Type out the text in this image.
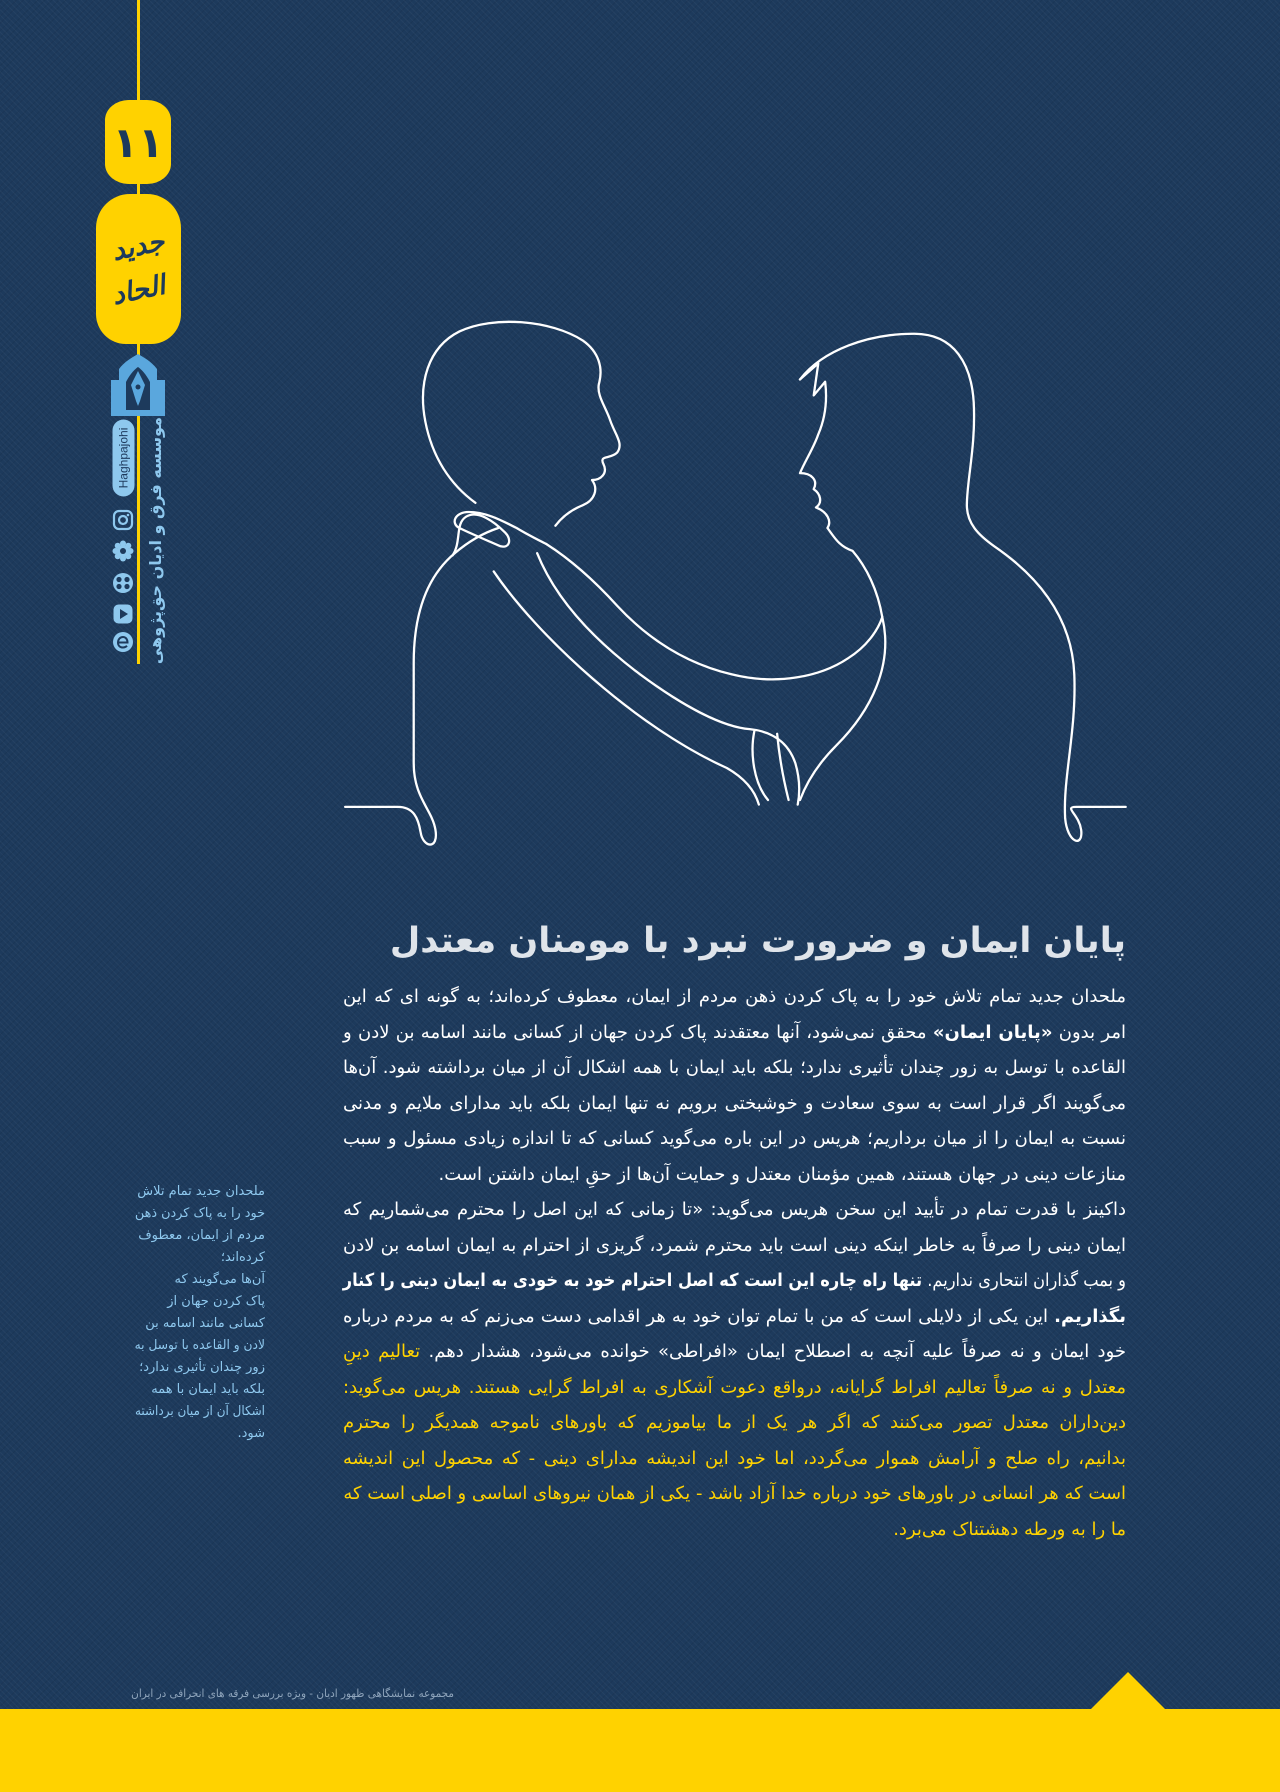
۱۱
جدید
الحاد
Haghpajohi موسسه فرق و ادیان حق‌پژوهی
ملحدان جدید تمام تلاش
خود را به پاک کردن ذهن
مردم از ایمان، معطوف
کرده‌اند؛
آن‌ها می‌گویند که
پاک کردن جهان از
کسانی مانند اسامه بن
لادن و القاعده با توسل به
زور چندان تأثیری ندارد؛
بلکه باید ایمان با همه
اشکال آن از میان برداشته
شود.
پایان ایمان و ضرورت نبرد با مومنان معتدل
ملحدان جدید تمام تلاش خود را به پاک کردن ذهن مردم از ایمان، معطوف کرده‌اند؛ به گونه ای که این
امر بدون «پایان ایمان» محقق نمی‌شود، آنها معتقدند پاک کردن جهان از کسانی مانند اسامه بن لادن و
القاعده با توسل به زور چندان تأثیری ندارد؛ بلکه باید ایمان با همه اشکال آن از میان برداشته شود. آن‌ها
می‌گویند اگر قرار است به سوی سعادت و خوشبختی برویم نه تنها ایمان بلکه باید مدارای ملایم و مدنی
نسبت به ایمان را از میان برداریم؛ هریس در این باره می‌گوید کسانی که تا اندازه زیادی مسئول و سبب
منازعات دینی در جهان هستند، همین مؤمنان معتدل و حمایت آن‌ها از حقِ ایمان داشتن است.
داکینز با قدرت تمام در تأیید این سخن هریس می‌گوید: «تا زمانی که این اصل را محترم می‌شماریم که
ایمان دینی را صرفاً به خاطر اینکه دینی است باید محترم شمرد، گریزی از احترام به ایمان اسامه بن لادن
و بمب گذاران انتحاری نداریم. تنها راه چاره این است که اصل احترام خود به خودی به ایمان دینی را کنار
بگذاریم. این یکی از دلایلی است که من با تمام توان خود به هر اقدامی دست می‌زنم که به مردم درباره
خود ایمان و نه صرفاً علیه آنچه به اصطلاح ایمان «افراطی» خوانده می‌شود، هشدار دهم. تعالیم دینِ
معتدل و نه صرفاً تعالیم افراط گرایانه، درواقع دعوت آشکاری به افراط گرایی هستند. هریس می‌گوید:
دین‌داران معتدل تصور می‌کنند که اگر هر یک از ما بیاموزیم که باورهای ناموجه همدیگر را محترم
بدانیم، راه صلح و آرامش هموار می‌گردد، اما خود این اندیشه مدارای دینی - که محصول این اندیشه
است که هر انسانی در باورهای خود درباره خدا آزاد باشد - یکی از همان نیروهای اساسی و اصلی است که
ما را به ورطه دهشتناک می‌برد.
مجموعه نمایشگاهی ظهور ادیان - ویژه بررسی فرقه های انحرافی در ایران
